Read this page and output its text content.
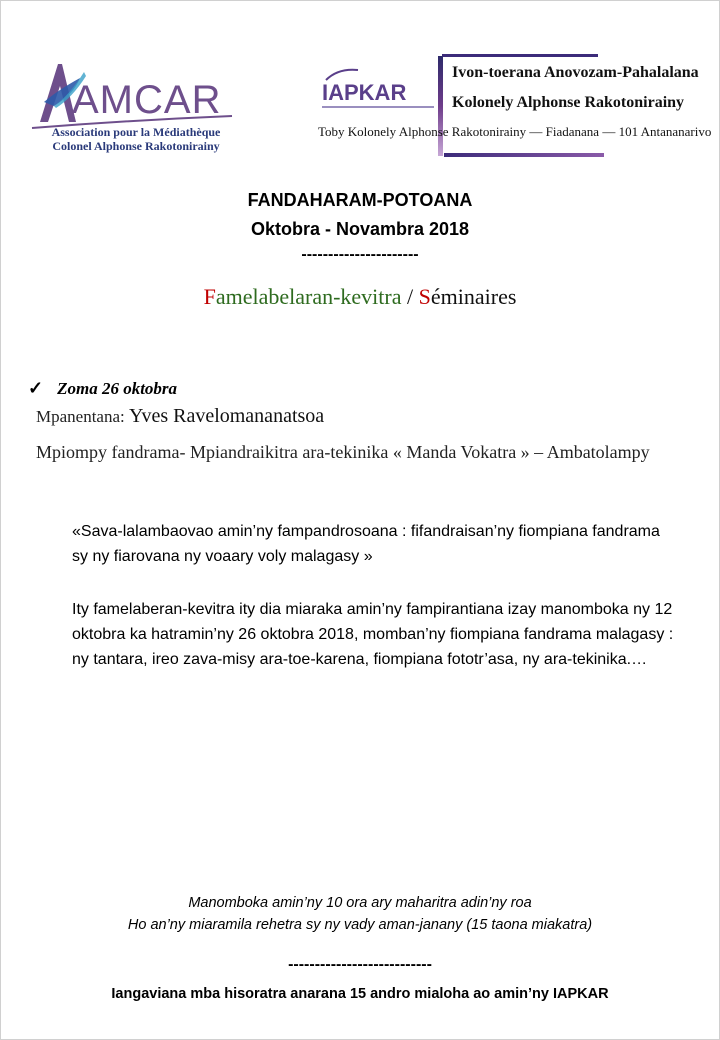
AMCAR
Association pour la Médiathèque
Colonel Alphonse Rakotonirainy
IAPKAR
Ivon-toerana Anovozam-Pahalalana
Kolonely Alphonse Rakotonirainy
Toby Kolonely Alphonse Rakotonirainy — Fiadanana — 101 Antananarivo
FANDAHARAM-POTOANA
Oktobra - Novambra 2018
----------------------
Famelabelaran-kevitra / Séminaires
✓ Zoma 26 oktobra
Mpanentana: Yves Ravelomananatsoa
Mpiompy fandrama- Mpiandraikitra ara-tekinika « Manda Vokatra » – Ambatolampy
«Sava-lalambaovao amin’ny fampandrosoana : fifandraisan’ny fiompiana fandrama sy ny fiarovana ny voaary voly malagasy »
Ity famelaberan-kevitra ity dia miaraka amin’ny fampirantiana izay manomboka ny 12 oktobra ka hatramin’ny 26 oktobra 2018, momban’ny fiompiana fandrama malagasy : ny tantara, ireo zava-misy ara-toe-karena, fiompiana fototr’asa, ny ara-tekinika.…
Manomboka amin’ny 10 ora ary maharitra adin’ny roa
Ho an’ny miaramila rehetra sy ny vady aman-janany (15 taona miakatra)
---------------------------
Iangaviana mba hisoratra anarana 15 andro mialoha ao amin’ny IAPKAR
